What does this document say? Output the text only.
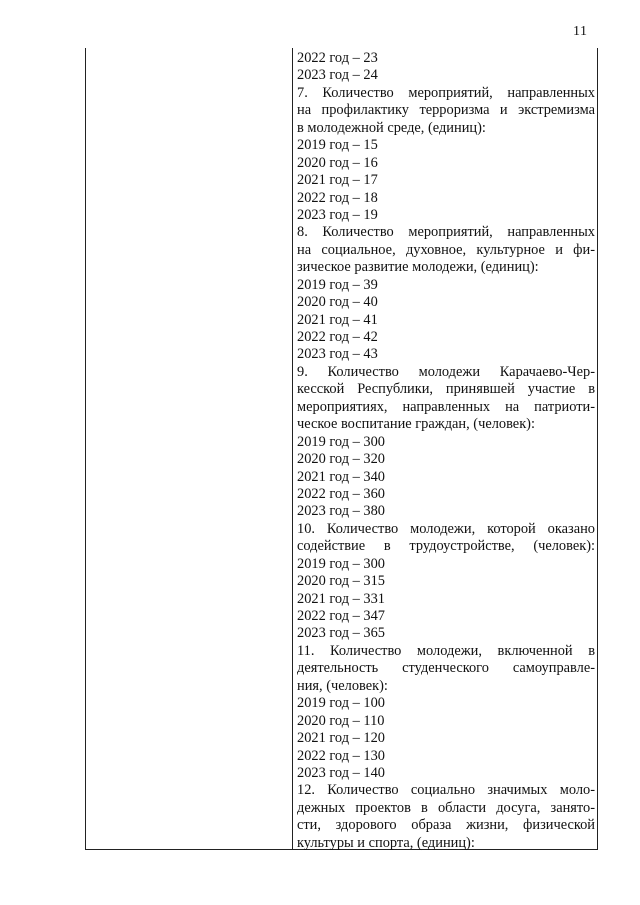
11
2022 год – 23
2023 год – 24
7. Количество мероприятий, направленных
на профилактику терроризма и экстремизма
в молодежной среде, (единиц):
2019 год – 15
2020 год – 16
2021 год – 17
2022 год – 18
2023 год – 19
8. Количество мероприятий, направленных
на социальное, духовное, культурное и фи-
зическое развитие молодежи, (единиц):
2019 год – 39
2020 год – 40
2021 год – 41
2022 год – 42
2023 год – 43
9. Количество молодежи Карачаево-Чер-
кесской Республики, принявшей участие в
мероприятиях, направленных на патриоти-
ческое воспитание граждан, (человек):
2019 год – 300
2020 год – 320
2021 год – 340
2022 год – 360
2023 год – 380
10. Количество молодежи, которой оказано
содействие в трудоустройстве, (человек):
2019 год – 300
2020 год – 315
2021 год – 331
2022 год – 347
2023 год – 365
11. Количество молодежи, включенной в
деятельность студенческого самоуправле-
ния, (человек):
2019 год – 100
2020 год – 110
2021 год – 120
2022 год – 130
2023 год – 140
12. Количество социально значимых моло-
дежных проектов в области досуга, занято-
сти, здорового образа жизни, физической
культуры и спорта, (единиц):
